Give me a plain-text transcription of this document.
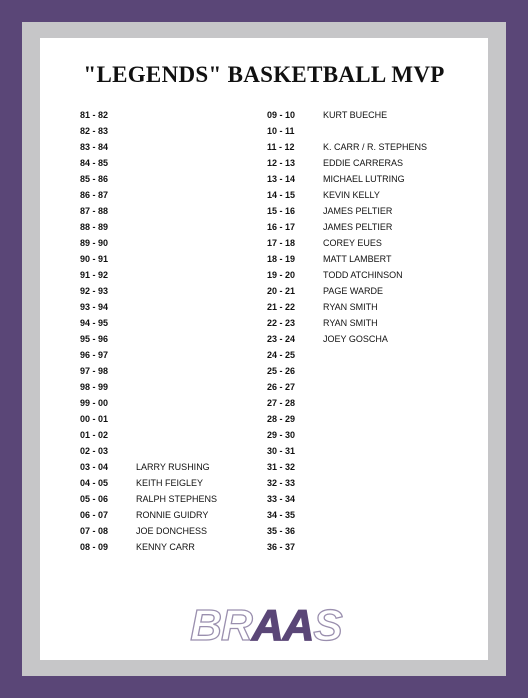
"LEGENDS" BASKETBALL MVP
81 - 82
82 - 83
83 - 84
84 - 85
85 - 86
86 - 87
87 - 88
88 - 89
89 - 90
90 - 91
91 - 92
92 - 93
93 - 94
94 - 95
95 - 96
96 - 97
97 - 98
98 - 99
99 - 00
00 - 01
01 - 02
02 - 03
03 - 04	LARRY RUSHING
04 - 05	KEITH FEIGLEY
05 - 06	RALPH STEPHENS
06 - 07	RONNIE GUIDRY
07 - 08	JOE DONCHESS
08 - 09	KENNY CARR
09 - 10	KURT BUECHE
10 - 11
11 - 12	K. CARR / R. STEPHENS
12 - 13	EDDIE CARRERAS
13 - 14	MICHAEL LUTRING
14 - 15	KEVIN KELLY
15 - 16	JAMES PELTIER
16 - 17	JAMES PELTIER
17 - 18	COREY EUES
18 - 19	MATT LAMBERT
19 - 20	TODD ATCHINSON
20 - 21	PAGE WARDE
21 - 22	RYAN SMITH
22 - 23	RYAN SMITH
23 - 24	JOEY GOSCHA
24 - 25
25 - 26
26 - 27
27 - 28
28 - 29
29 - 30
30 - 31
31 - 32
32 - 33
33 - 34
34 - 35
35 - 36
36 - 37
BRAAS
